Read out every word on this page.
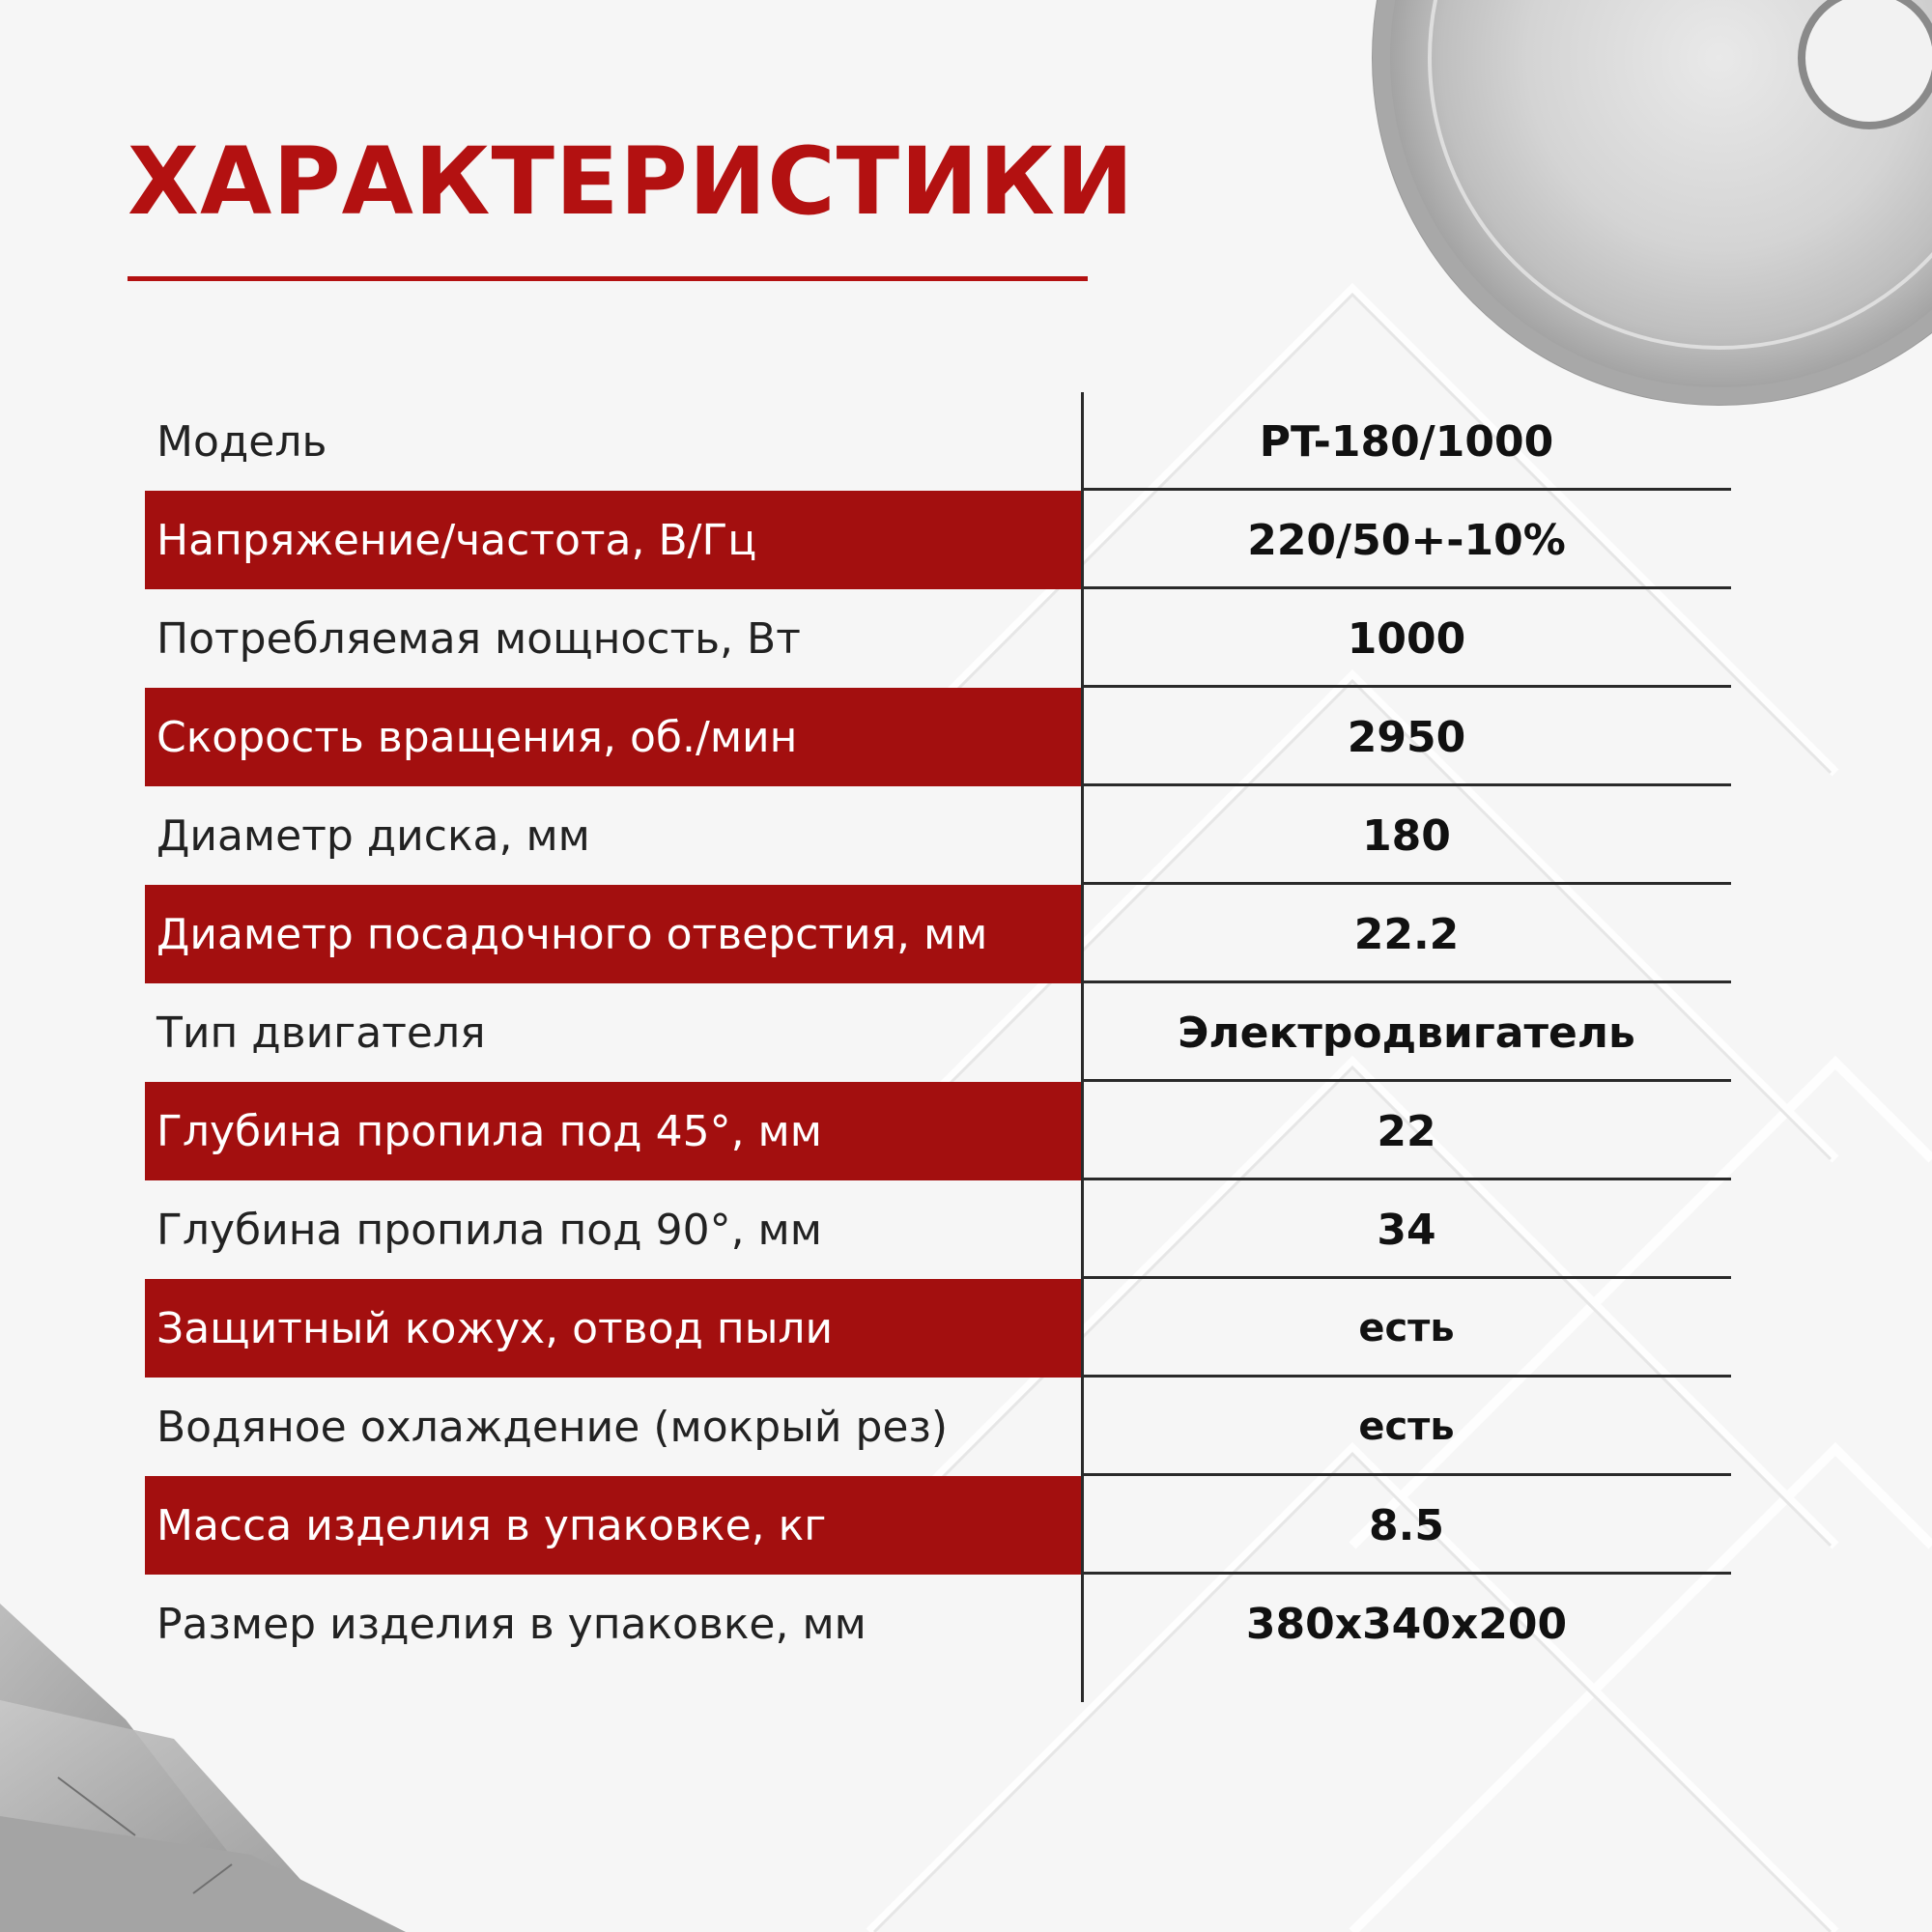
ХАРАКТЕРИСТИКИ
Модель	PT-180/1000
Напряжение/частота, В/Гц	220/50+-10%
Потребляемая мощность, Вт	1000
Скорость вращения, об./мин	2950
Диаметр диска, мм	180
Диаметр посадочного отверстия, мм	22.2
Тип двигателя	Электродвигатель
Глубина пропила под 45°, мм	22
Глубина пропила под 90°, мм	34
Защитный кожух, отвод пыли	есть
Водяное охлаждение (мокрый рез)	есть
Масса изделия в упаковке, кг	8.5
Размер изделия в упаковке, мм	380x340x200
